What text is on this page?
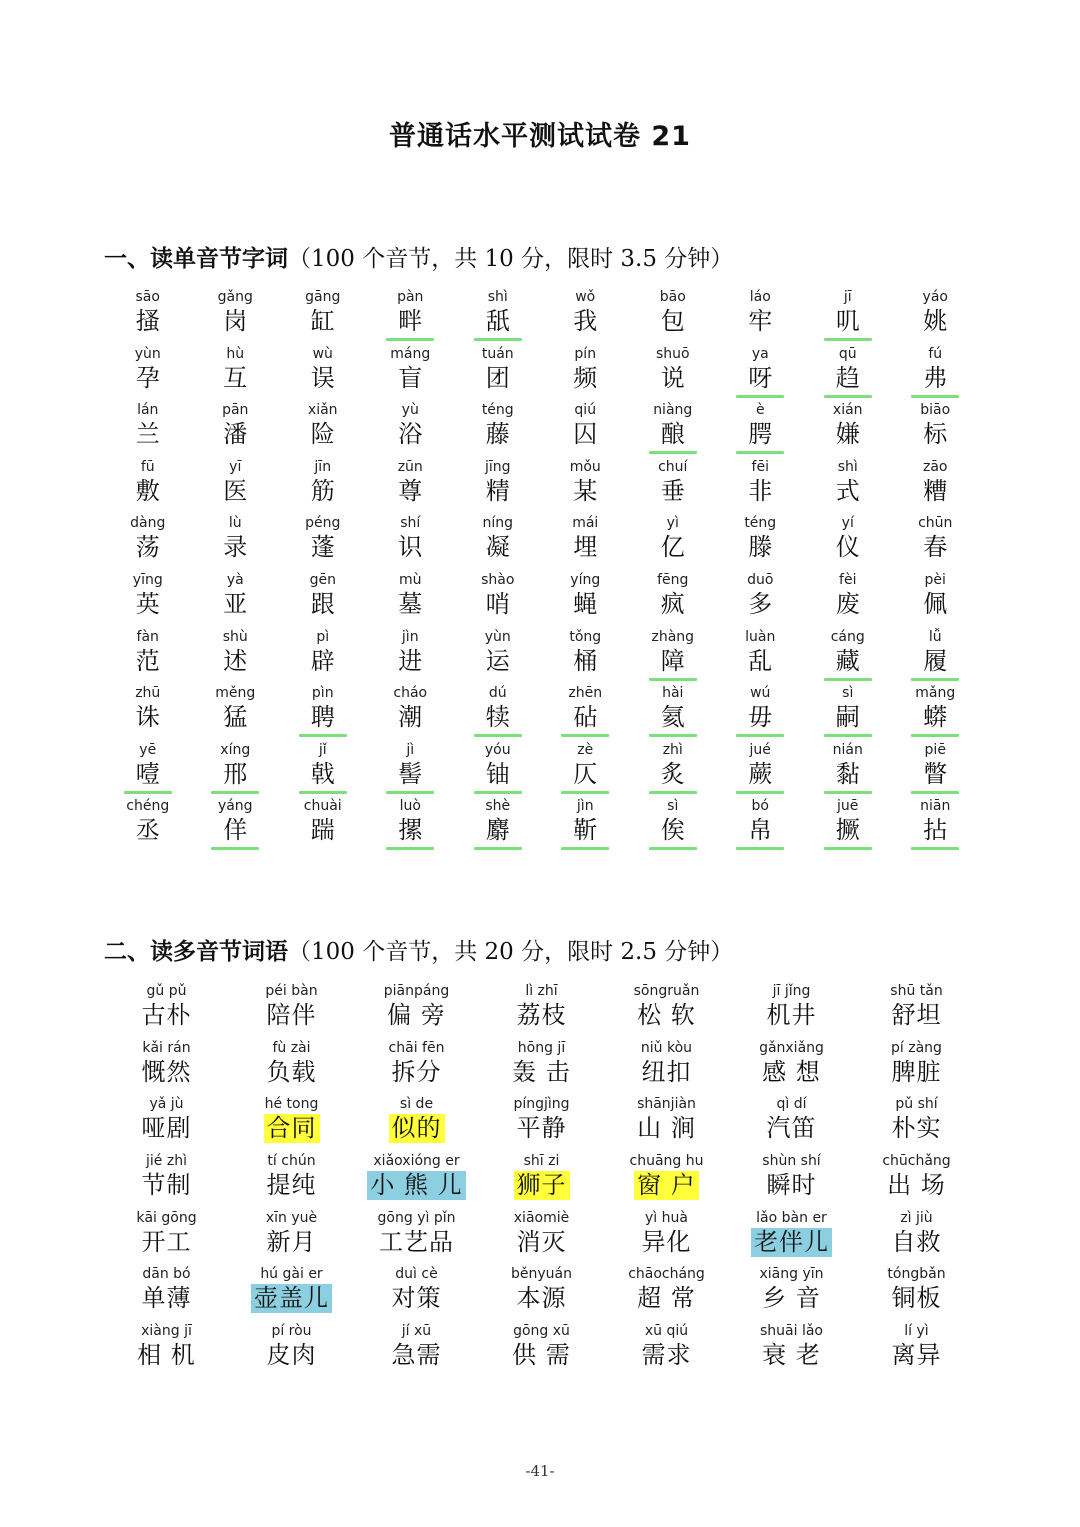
普通话水平测试试卷 21
一、读单音节字词（100 个音节，共 10 分，限时 3.5 分钟）
sāo
搔
gǎng
岗
gāng
缸
pàn
畔
shì
舐
wǒ
我
bāo
包
láo
牢
jī
叽
yáo
姚
yùn
孕
hù
互
wù
误
máng
盲
tuán
团
pín
频
shuō
说
ya
呀
qū
趋
fú
弗
lán
兰
pān
潘
xiǎn
险
yù
浴
téng
藤
qiú
囚
niàng
酿
è
腭
xián
嫌
biāo
标
fū
敷
yī
医
jīn
筋
zūn
尊
jīng
精
mǒu
某
chuí
垂
fēi
非
shì
式
zāo
糟
dàng
荡
lù
录
péng
蓬
shí
识
níng
凝
mái
埋
yì
亿
téng
滕
yí
仪
chūn
春
yīng
英
yà
亚
gēn
跟
mù
墓
shào
哨
yíng
蝇
fēng
疯
duō
多
fèi
废
pèi
佩
fàn
范
shù
述
pì
辟
jìn
进
yùn
运
tǒng
桶
zhàng
障
luàn
乱
cáng
藏
lǚ
履
zhū
诛
měng
猛
pìn
聘
cháo
潮
dú
犊
zhēn
砧
hài
氦
wú
毋
sì
嗣
mǎng
蟒
yē
噎
xíng
邢
jǐ
戟
jì
髻
yóu
铀
zè
仄
zhì
炙
jué
蕨
nián
黏
piē
瞥
chéng
丞
yáng
佯
chuài
踹
luò
摞
shè
麝
jìn
靳
sì
俟
bó
帛
juē
撅
niān
拈
二、读多音节词语（100 个音节，共 20 分，限时 2.5 分钟）
gǔ pǔ
古朴
péi bàn
陪伴
piānpáng
偏 旁
lì zhī
荔枝
sōngruǎn
松 软
jī jǐng
机井
shū tǎn
舒坦
kǎi rán
慨然
fù zài
负载
chāi fēn
拆分
hōng jī
轰 击
niǔ kòu
纽扣
gǎnxiǎng
感 想
pí zàng
脾脏
yǎ jù
哑剧
hé tong
合同
sì de
似的
píngjìng
平静
shānjiàn
山 涧
qì dí
汽笛
pǔ shí
朴实
jié zhì
节制
tí chún
提纯
xiǎoxióng er
小 熊 儿
shī zi
狮子
chuāng hu
窗 户
shùn shí
瞬时
chūchǎng
出 场
kāi gōng
开工
xīn yuè
新月
gōng yì pǐn
工艺品
xiāomiè
消灭
yì huà
异化
lǎo bàn er
老伴儿
zì jiù
自救
dān bó
单薄
hú gài er
壶盖儿
duì cè
对策
běnyuán
本源
chāocháng
超 常
xiāng yīn
乡 音
tóngbǎn
铜板
xiàng jī
相 机
pí ròu
皮肉
jí xū
急需
gōng xū
供 需
xū qiú
需求
shuāi lǎo
衰 老
lí yì
离异
-41-
